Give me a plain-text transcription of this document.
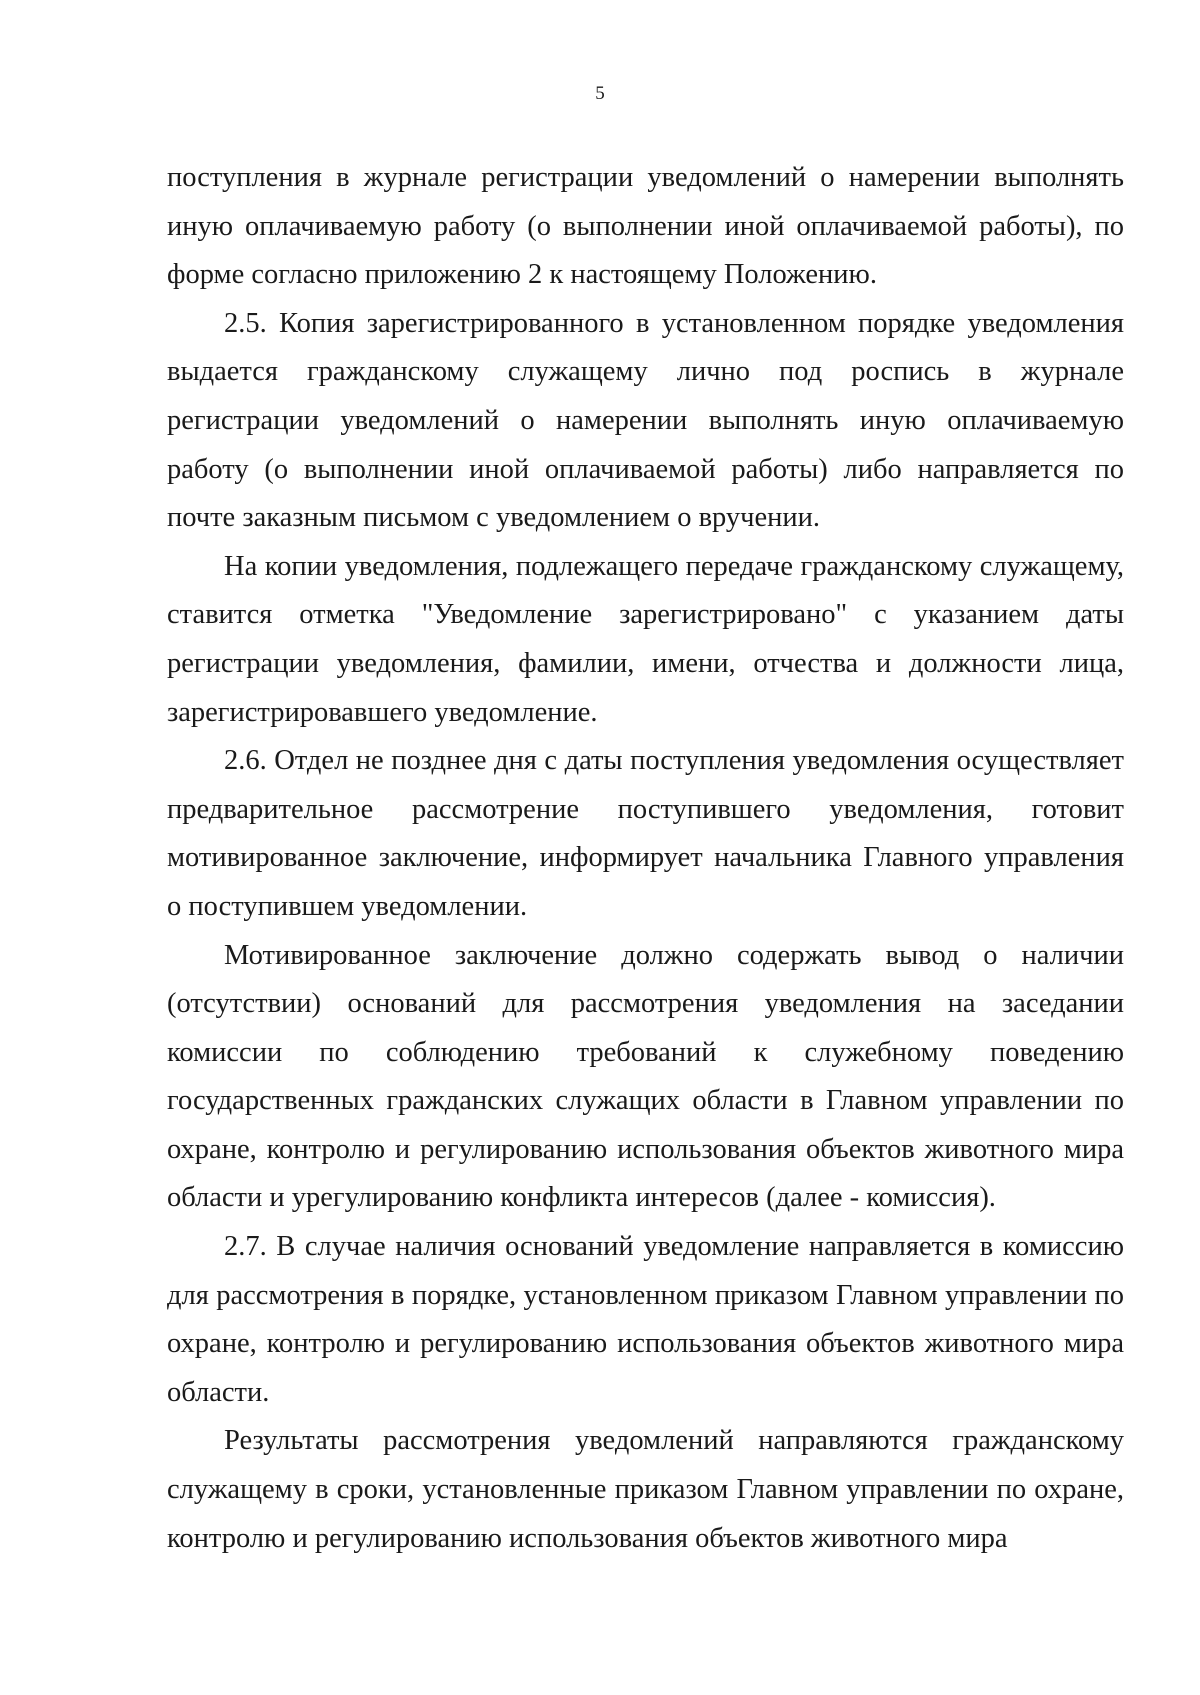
5

поступления в журнале регистрации уведомлений о намерении выполнять иную оплачиваемую работу (о выполнении иной оплачиваемой работы), по форме согласно приложению 2 к настоящему Положению.

2.5. Копия зарегистрированного в установленном порядке уведомления выдается гражданскому служащему лично под роспись в журнале регистрации уведомлений о намерении выполнять иную оплачиваемую работу (о выполнении иной оплачиваемой работы) либо направляется по почте заказным письмом с уведомлением о вручении.

На копии уведомления, подлежащего передаче гражданскому служащему, ставится отметка "Уведомление зарегистрировано" с указанием даты регистрации уведомления, фамилии, имени, отчества и должности лица, зарегистрировавшего уведомление.

2.6. Отдел не позднее дня с даты поступления уведомления осуществляет предварительное рассмотрение поступившего уведомления, готовит мотивированное заключение, информирует начальника Главного управления о поступившем уведомлении.

Мотивированное заключение должно содержать вывод о наличии (отсутствии) оснований для рассмотрения уведомления на заседании комиссии по соблюдению требований к служебному поведению государственных гражданских служащих области в Главном управлении по охране, контролю и регулированию использования объектов животного мира области и урегулированию конфликта интересов (далее - комиссия).

2.7. В случае наличия оснований уведомление направляется в комиссию для рассмотрения в порядке, установленном приказом Главном управлении по охране, контролю и регулированию использования объектов животного мира области.

Результаты рассмотрения уведомлений направляются гражданскому служащему в сроки, установленные приказом Главном управлении по охране, контролю и регулированию использования объектов животного мира
